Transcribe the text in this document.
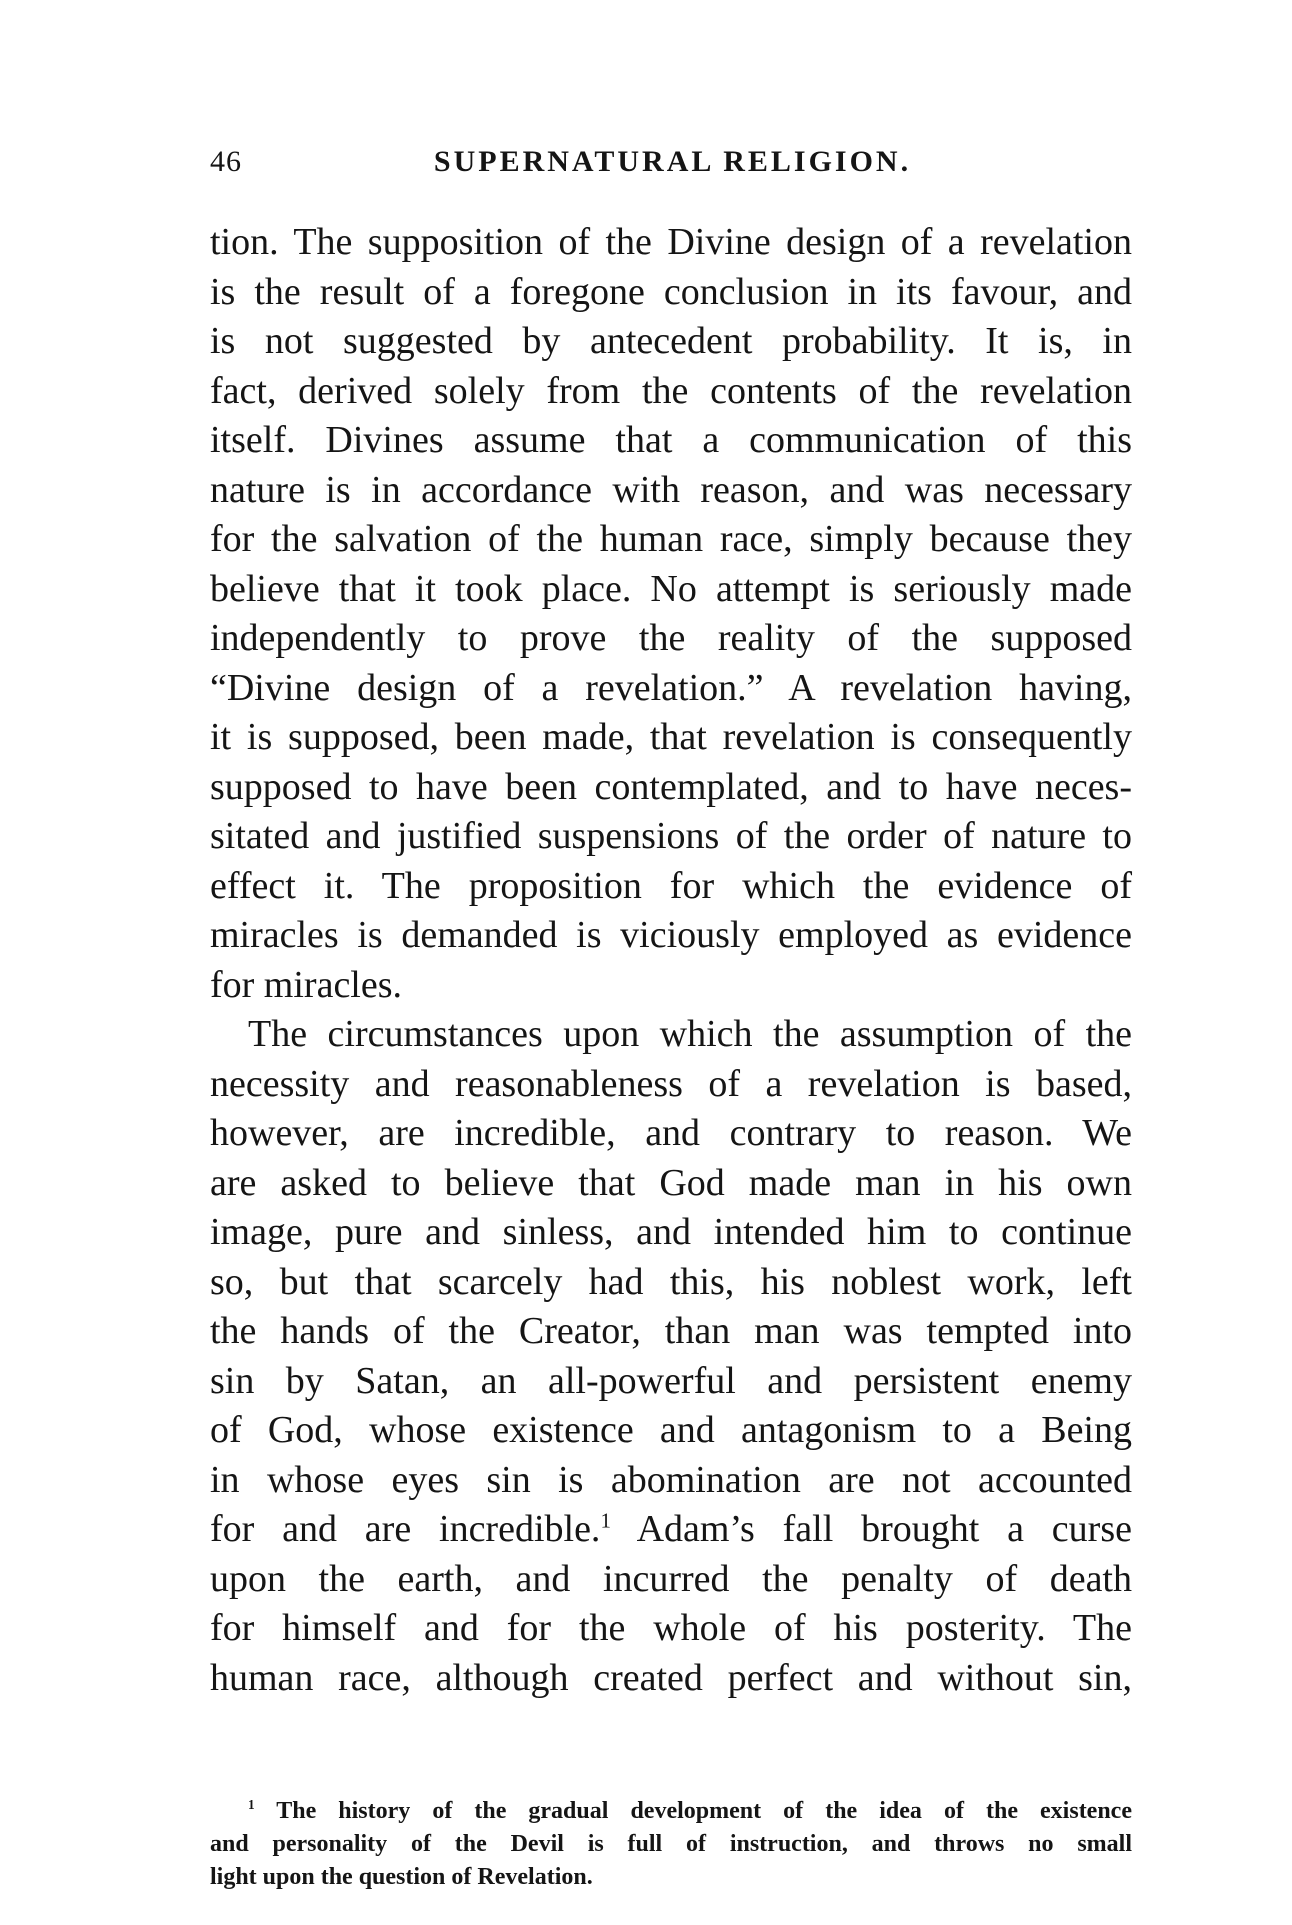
46	SUPERNATURAL RELIGION.
tion. The supposition of the Divine design of a revelation
is the result of a foregone conclusion in its favour, and
is not suggested by antecedent probability. It is, in
fact, derived solely from the contents of the revelation
itself. Divines assume that a communication of this
nature is in accordance with reason, and was necessary
for the salvation of the human race, simply because they
believe that it took place. No attempt is seriously made
independently to prove the reality of the supposed
“Divine design of a revelation.” A revelation having,
it is supposed, been made, that revelation is consequently
supposed to have been contemplated, and to have neces-
sitated and justified suspensions of the order of nature to
effect it. The proposition for which the evidence of
miracles is demanded is viciously employed as evidence
for miracles.
The circumstances upon which the assumption of the
necessity and reasonableness of a revelation is based,
however, are incredible, and contrary to reason. We
are asked to believe that God made man in his own
image, pure and sinless, and intended him to continue
so, but that scarcely had this, his noblest work, left
the hands of the Creator, than man was tempted into
sin by Satan, an all-powerful and persistent enemy
of God, whose existence and antagonism to a Being
in whose eyes sin is abomination are not accounted
for and are incredible.$^1$ Adam’s fall brought a curse
upon the earth, and incurred the penalty of death
for himself and for the whole of his posterity. The
human race, although created perfect and without sin,
$^1$ The history of the gradual development of the idea of the existence
and personality of the Devil is full of instruction, and throws no small
light upon the question of Revelation.
